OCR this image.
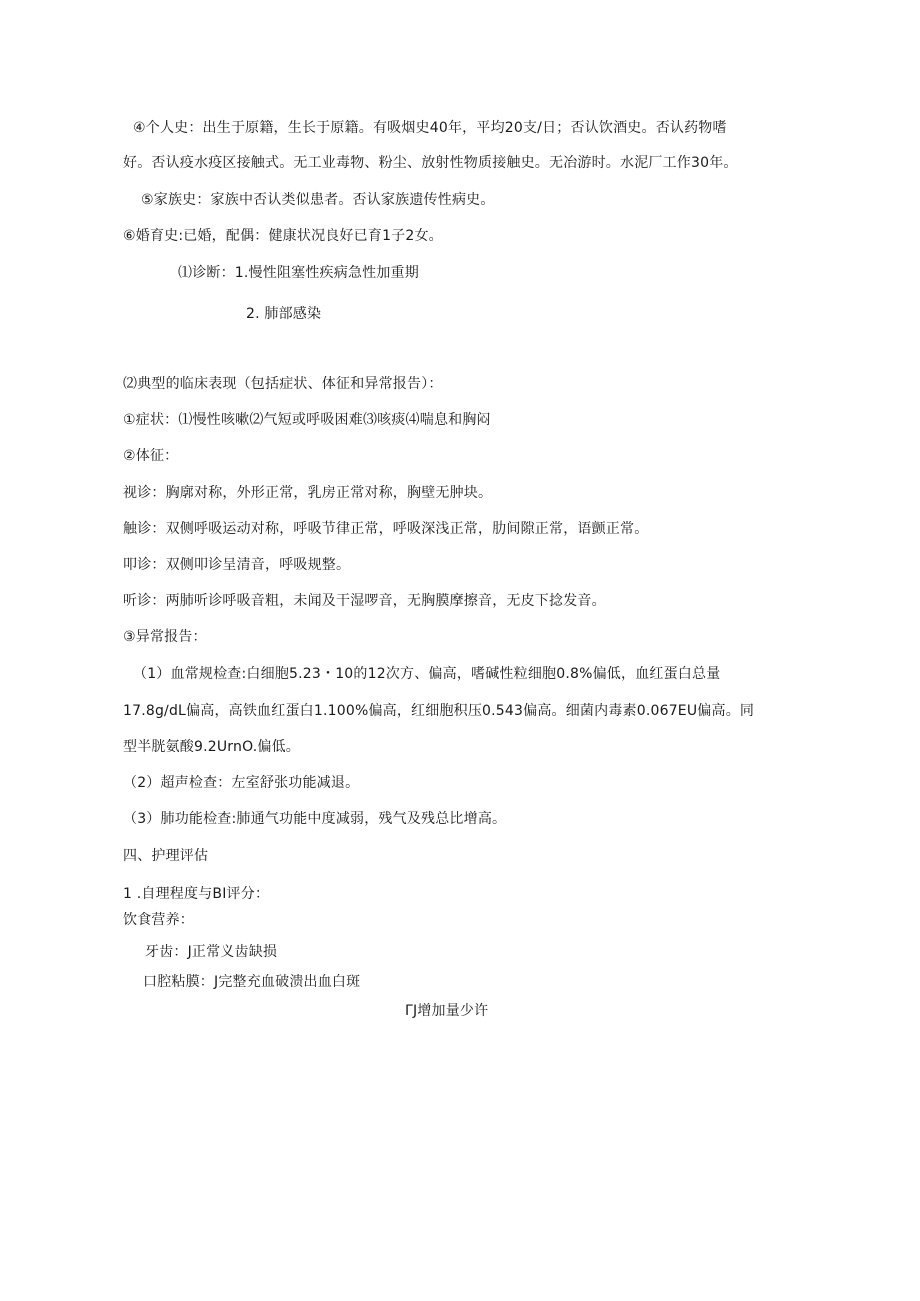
④个人史：出生于原籍，生长于原籍。有吸烟史40年，平均20支/日；否认饮酒史。否认药物嗜
好。否认疫水疫区接触式。无工业毒物、粉尘、放射性物质接触史。无冶游时。水泥厂工作30年。
⑤家族史：家族中否认类似患者。否认家族遗传性病史。
⑥婚育史:已婚，配偶：健康状况良好已育1子2女。
⑴诊断：1.慢性阻塞性疾病急性加重期
2. 肺部感染
⑵典型的临床表现（包括症状、体征和异常报告）：
①症状：⑴慢性咳嗽⑵气短或呼吸困难⑶咳痰⑷喘息和胸闷
②体征：
视诊：胸廓对称，外形正常，乳房正常对称，胸壁无肿块。
触诊：双侧呼吸运动对称，呼吸节律正常，呼吸深浅正常，肋间隙正常，语颤正常。
叩诊：双侧叩诊呈清音，呼吸规整。
听诊：两肺听诊呼吸音粗，未闻及干湿啰音，无胸膜摩擦音，无皮下捻发音。
③异常报告：
（1）血常规检查:白细胞5.23・10的12次方、偏高，嗜碱性粒细胞0.8%偏低，血红蛋白总量
17.8g∕dL偏高，高铁血红蛋白1.100%偏高，红细胞积压0.543偏高。细菌内毒素0.067EU偏高。同
型半胱氨酸9.2UrnO.偏低。
（2）超声检查：左室舒张功能减退。
（3）肺功能检查:肺通气功能中度减弱，残气及残总比增高。
四、护理评估
1 .自理程度与BI评分：
饮食营养：
牙齿：J正常义齿缺损
口腔粘膜：J完整充血破溃出血白斑
ΓJ增加量少许
